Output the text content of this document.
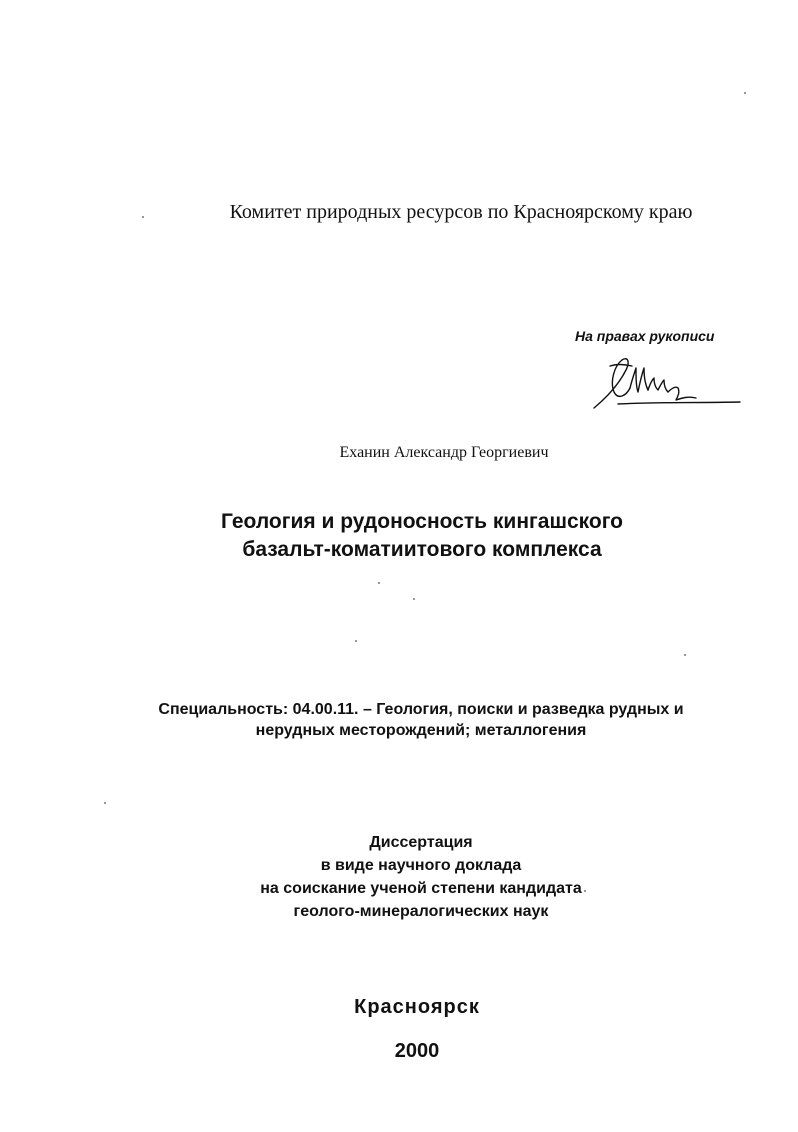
Комитет природных ресурсов по Красноярскому краю
На правах рукописи
Еханин Александр Георгиевич
Геология и рудоносность кингашского
базальт-коматиитового комплекса
Специальность: 04.00.11. – Геология, поиски и разведка рудных и
нерудных месторождений; металлогения
Диссертация
в виде научного доклада
на соискание ученой степени кандидата
геолого-минералогических наук
Красноярск
2000
